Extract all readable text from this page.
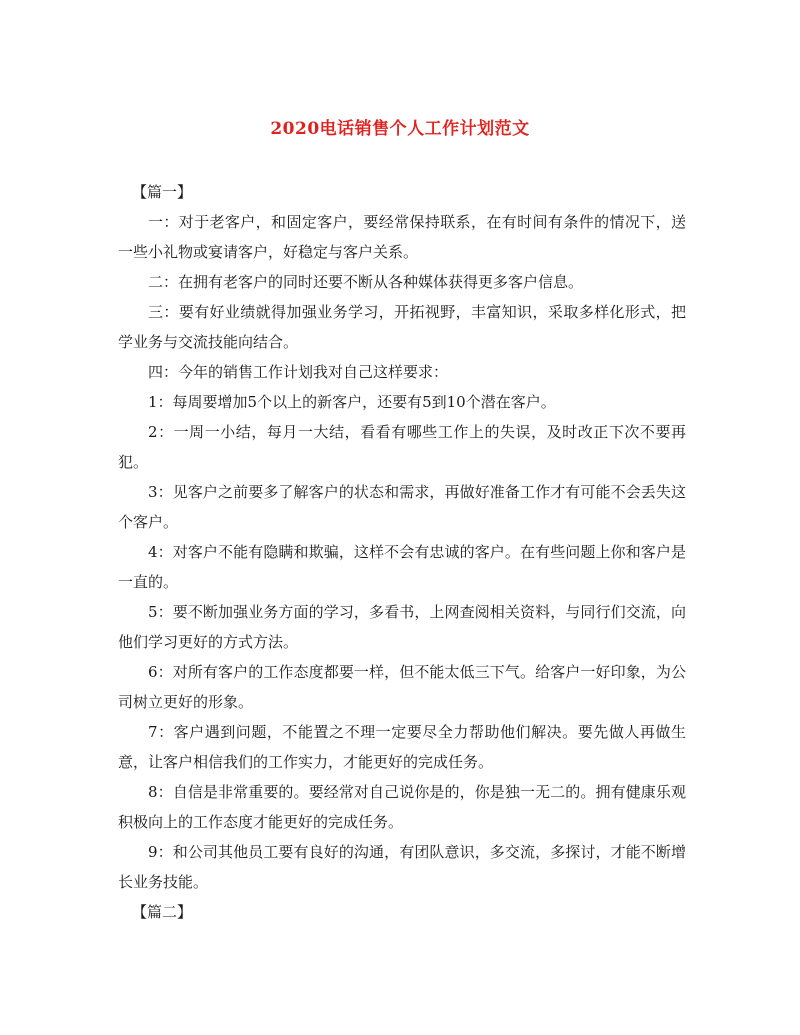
2020电话销售个人工作计划范文

【篇一】

一：对于老客户，和固定客户，要经常保持联系，在有时间有条件的情况下，送一些小礼物或宴请客户，好稳定与客户关系。

二：在拥有老客户的同时还要不断从各种媒体获得更多客户信息。

三：要有好业绩就得加强业务学习，开拓视野，丰富知识，采取多样化形式，把学业务与交流技能向结合。

四：今年的销售工作计划我对自己这样要求：

1：每周要增加5个以上的新客户，还要有5到10个潜在客户。

2：一周一小结，每月一大结，看看有哪些工作上的失误，及时改正下次不要再犯。

3：见客户之前要多了解客户的状态和需求，再做好准备工作才有可能不会丢失这个客户。

4：对客户不能有隐瞒和欺骗，这样不会有忠诚的客户。在有些问题上你和客户是一直的。

5：要不断加强业务方面的学习，多看书，上网查阅相关资料，与同行们交流，向他们学习更好的方式方法。

6：对所有客户的工作态度都要一样，但不能太低三下气。给客户一好印象，为公司树立更好的形象。

7：客户遇到问题，不能置之不理一定要尽全力帮助他们解决。要先做人再做生意，让客户相信我们的工作实力，才能更好的完成任务。

8：自信是非常重要的。要经常对自己说你是的，你是独一无二的。拥有健康乐观积极向上的工作态度才能更好的完成任务。

9：和公司其他员工要有良好的沟通，有团队意识，多交流，多探讨，才能不断增长业务技能。

【篇二】
